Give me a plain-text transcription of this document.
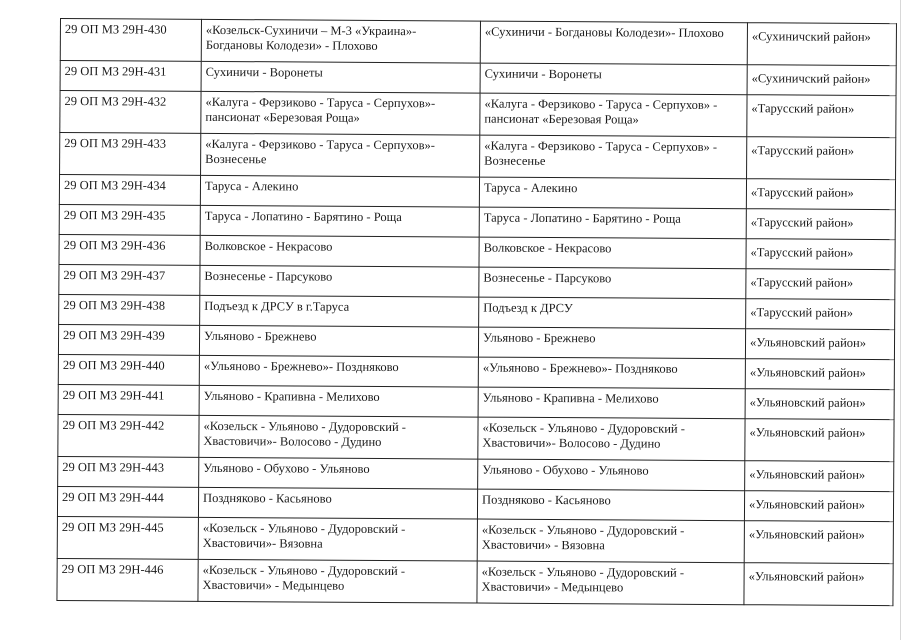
29 ОП МЗ 29Н-430	«Козельск-Сухиничи – М-3 «Украина»- Богдановы Колодези» - Плохово	«Сухиничи - Богдановы Колодези»- Плохово	«Сухиничский район»
29 ОП МЗ 29Н-431	Сухиничи - Воронеты	Сухиничи - Воронеты	«Сухиничский район»
29 ОП МЗ 29Н-432	«Калуга - Ферзиково - Таруса - Серпухов»- пансионат «Березовая Роща»	«Калуга - Ферзиково - Таруса - Серпухов» - пансионат «Березовая Роща»	«Тарусский район»
29 ОП МЗ 29Н-433	«Калуга - Ферзиково - Таруса - Серпухов»- Вознесенье	«Калуга - Ферзиково - Таруса - Серпухов» - Вознесенье	«Тарусский район»
29 ОП МЗ 29Н-434	Таруса - Алекино	Таруса - Алекино	«Тарусский район»
29 ОП МЗ 29Н-435	Таруса - Лопатино - Барятино - Роща	Таруса - Лопатино - Барятино - Роща	«Тарусский район»
29 ОП МЗ 29Н-436	Волковское - Некрасово	Волковское - Некрасово	«Тарусский район»
29 ОП МЗ 29Н-437	Вознесенье - Парсуково	Вознесенье - Парсуково	«Тарусский район»
29 ОП МЗ 29Н-438	Подъезд к ДРСУ в г.Таруса	Подъезд к ДРСУ	«Тарусский район»
29 ОП МЗ 29Н-439	Ульяново - Брежнево	Ульяново - Брежнево	«Ульяновский район»
29 ОП МЗ 29Н-440	«Ульяново - Брежнево»- Поздняково	«Ульяново - Брежнево»- Поздняково	«Ульяновский район»
29 ОП МЗ 29Н-441	Ульяново - Крапивна - Мелихово	Ульяново - Крапивна - Мелихово	«Ульяновский район»
29 ОП МЗ 29Н-442	«Козельск - Ульяново - Дудоровский - Хвастовичи»- Волосово - Дудино	«Козельск - Ульяново - Дудоровский - Хвастовичи»- Волосово - Дудино	«Ульяновский район»
29 ОП МЗ 29Н-443	Ульяново - Обухово - Ульяново	Ульяново - Обухово - Ульяново	«Ульяновский район»
29 ОП МЗ 29Н-444	Поздняково - Касьяново	Поздняково - Касьяново	«Ульяновский район»
29 ОП МЗ 29Н-445	«Козельск - Ульяново - Дудоровский - Хвастовичи»- Вязовна	«Козельск - Ульяново - Дудоровский - Хвастовичи» - Вязовна	«Ульяновский район»
29 ОП МЗ 29Н-446	«Козельск - Ульяново - Дудоровский - Хвастовичи» - Медынцево	«Козельск - Ульяново - Дудоровский - Хвастовичи» - Медынцево	«Ульяновский район»
